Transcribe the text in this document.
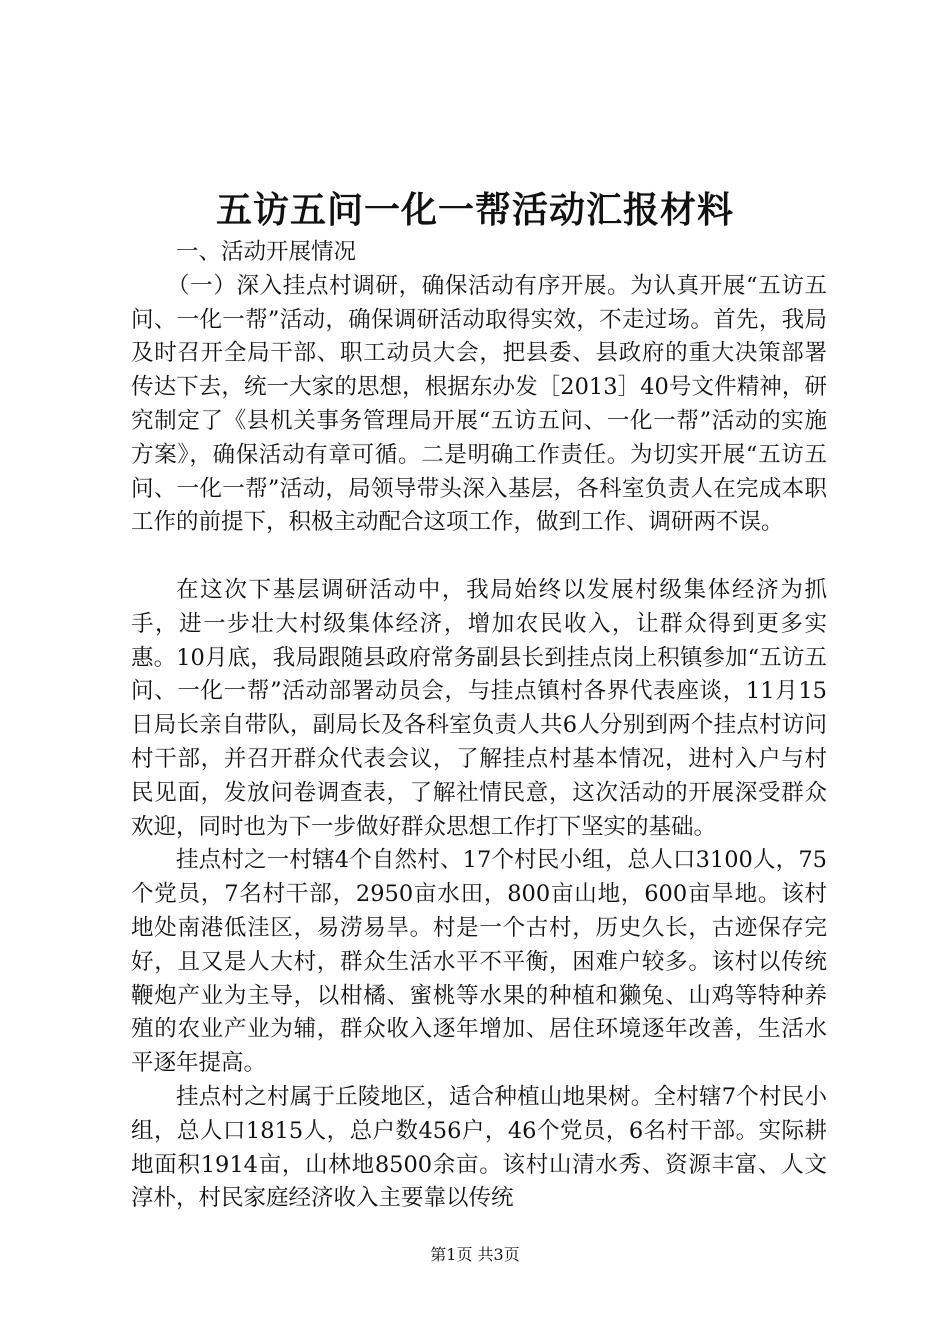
五访五问一化一帮活动汇报材料

一、活动开展情况

（一）深入挂点村调研，确保活动有序开展。为认真开展“五访五问、一化一帮”活动，确保调研活动取得实效，不走过场。首先，我局及时召开全局干部、职工动员大会，把县委、县政府的重大决策部署传达下去，统一大家的思想，根据东办发［2013］40号文件精神，研究制定了《县机关事务管理局开展“五访五问、一化一帮”活动的实施方案》，确保活动有章可循。二是明确工作责任。为切实开展“五访五问、一化一帮”活动，局领导带头深入基层，各科室负责人在完成本职工作的前提下，积极主动配合这项工作，做到工作、调研两不误。

在这次下基层调研活动中，我局始终以发展村级集体经济为抓手，进一步壮大村级集体经济，增加农民收入，让群众得到更多实惠。10月底，我局跟随县政府常务副县长到挂点岗上积镇参加“五访五问、一化一帮”活动部署动员会，与挂点镇村各界代表座谈，11月15日局长亲自带队，副局长及各科室负责人共6人分别到两个挂点村访问村干部，并召开群众代表会议，了解挂点村基本情况，进村入户与村民见面，发放问卷调查表，了解社情民意，这次活动的开展深受群众欢迎，同时也为下一步做好群众思想工作打下坚实的基础。

挂点村之一村辖4个自然村、17个村民小组，总人口3100人，75个党员，7名村干部，2950亩水田，800亩山地，600亩旱地。该村地处南港低洼区，易涝易旱。村是一个古村，历史久长，古迹保存完好，且又是人大村，群众生活水平不平衡，困难户较多。该村以传统鞭炮产业为主导，以柑橘、蜜桃等水果的种植和獭兔、山鸡等特种养殖的农业产业为辅，群众收入逐年增加、居住环境逐年改善，生活水平逐年提高。

挂点村之村属于丘陵地区，适合种植山地果树。全村辖7个村民小组，总人口1815人，总户数456户，46个党员，6名村干部。实际耕地面积1914亩，山林地8500余亩。该村山清水秀、资源丰富、人文淳朴，村民家庭经济收入主要靠以传统

第1页 共3页
